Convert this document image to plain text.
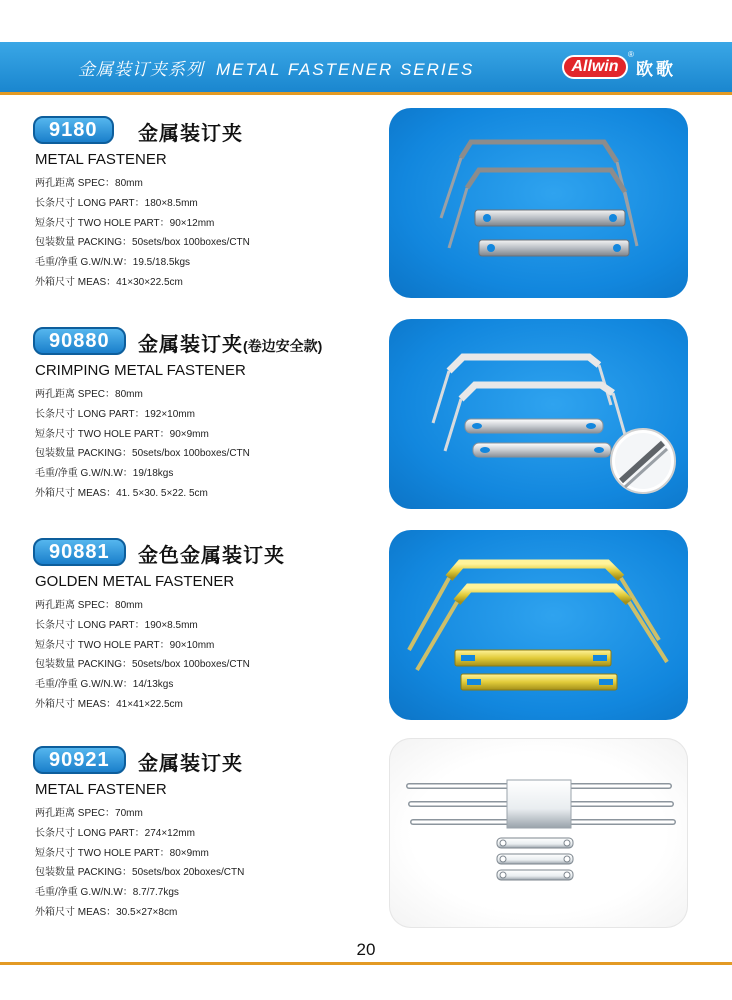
金属装订夹系列 METAL FASTENER SERIES	Allwin
®
欧歌
9180	金属装订夹
METAL FASTENER
两孔距离 SPEC：80mm
长条尺寸 LONG PART：180×8.5mm
短条尺寸 TWO HOLE PART：90×12mm
包装数量 PACKING：50sets/box 100boxes/CTN
毛重/净重 G.W/N.W：19.5/18.5kgs
外箱尺寸 MEAS：41×30×22.5cm
90880	金属装订夹(卷边安全款)
CRIMPING METAL FASTENER
两孔距离 SPEC：80mm
长条尺寸 LONG PART：192×10mm
短条尺寸 TWO HOLE PART：90×9mm
包装数量 PACKING：50sets/box 100boxes/CTN
毛重/净重 G.W/N.W：19/18kgs
外箱尺寸 MEAS：41. 5×30. 5×22. 5cm
90881	金色金属装订夹
GOLDEN METAL FASTENER
两孔距离 SPEC：80mm
长条尺寸 LONG PART：190×8.5mm
短条尺寸 TWO HOLE PART：90×10mm
包装数量 PACKING：50sets/box 100boxes/CTN
毛重/净重 G.W/N.W：14/13kgs
外箱尺寸 MEAS：41×41×22.5cm
90921	金属装订夹
METAL FASTENER
两孔距离 SPEC：70mm
长条尺寸 LONG PART：274×12mm
短条尺寸 TWO HOLE PART：80×9mm
包装数量 PACKING：50sets/box 20boxes/CTN
毛重/净重 G.W/N.W：8.7/7.7kgs
外箱尺寸 MEAS：30.5×27×8cm
20
